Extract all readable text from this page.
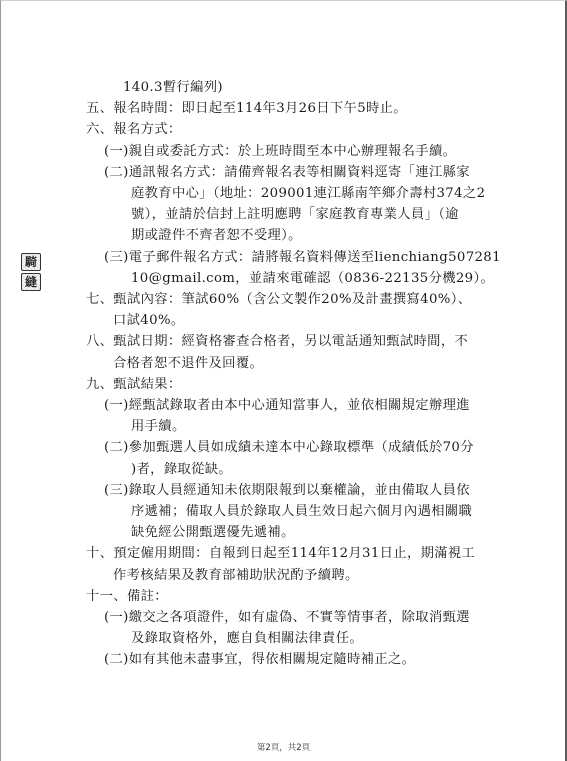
140.3暫行編列)
五、報名時間：即日起至114年3月26日下午5時止。
六、報名方式：
(一)親自或委託方式：於上班時間至本中心辦理報名手續。
(二)通訊報名方式：請備齊報名表等相關資料逕寄「連江縣家
庭教育中心」（地址：209001連江縣南竿鄉介壽村374之2
號），並請於信封上註明應聘「家庭教育專業人員」（逾
期或證件不齊者恕不受理）。
(三)電子郵件報名方式：請將報名資料傳送至lienchiang507281
10@gmail.com，並請來電確認（0836-22135分機29）。
七、甄試內容：筆試60%（含公文製作20%及計畫撰寫40%）、
口試40%。
八、甄試日期：經資格審查合格者，另以電話通知甄試時間，不
合格者恕不退件及回覆。
九、甄試結果：
(一)經甄試錄取者由本中心通知當事人，並依相關規定辦理進
用手續。
(二)參加甄選人員如成績未達本中心錄取標準（成績低於70分
)者，錄取從缺。
(三)錄取人員經通知未依期限報到以棄權論，並由備取人員依
序遞補；備取人員於錄取人員生效日起六個月內遇相關職
缺免經公開甄選優先遞補。
十、預定僱用期間：自報到日起至114年12月31日止，期滿視工
作考核結果及教育部補助狀況酌予續聘。
十一、備註：
(一)繳交之各項證件，如有虛偽、不實等情事者，除取消甄選
及錄取資格外，應自負相關法律責任。
(二)如有其他未盡事宜，得依相關規定隨時補正之。
騎
縫
第2頁，共2頁
